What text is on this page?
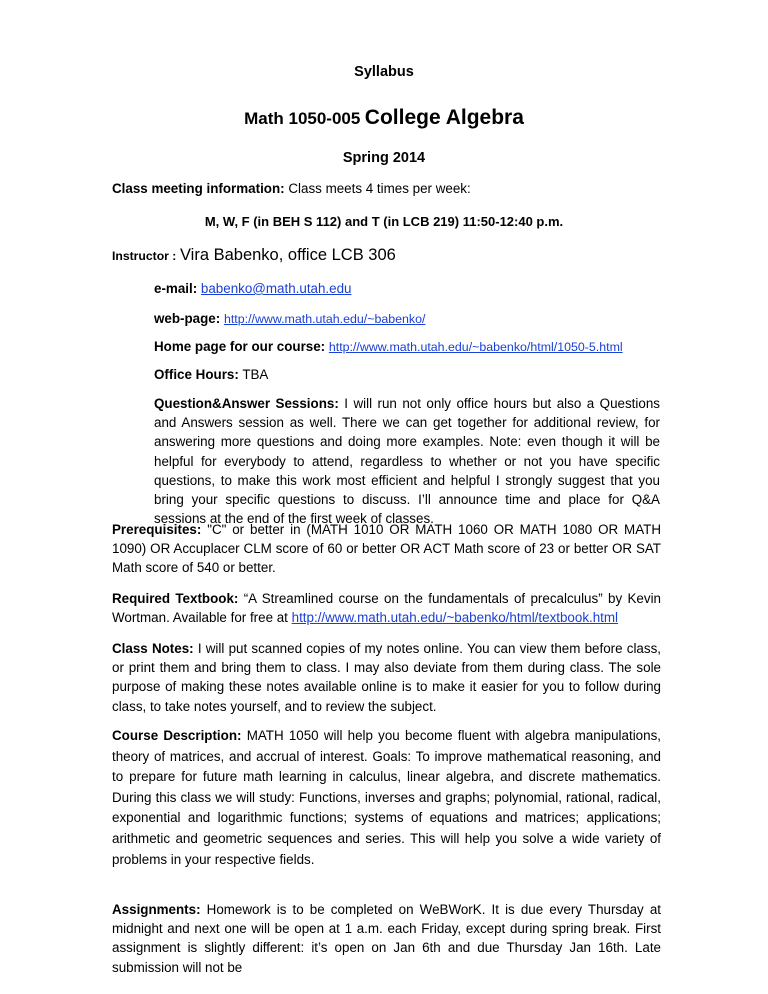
Syllabus
Math 1050-005 College Algebra
Spring 2014
Class meeting information: Class meets 4 times per week:
M, W, F (in BEH S 112) and T (in LCB 219) 11:50-12:40 p.m.
Instructor : Vira Babenko, office LCB 306
e-mail: babenko@math.utah.edu
web-page: http://www.math.utah.edu/~babenko/
Home page for our course: http://www.math.utah.edu/~babenko/html/1050-5.html
Office Hours: TBA
Question&Answer Sessions: I will run not only office hours but also a Questions and Answers session as well. There we can get together for additional review, for answering more questions and doing more examples. Note: even though it will be helpful for everybody to attend, regardless to whether or not you have specific questions, to make this work most efficient and helpful I strongly suggest that you bring your specific questions to discuss. I’ll announce time and place for Q&A sessions at the end of the first week of classes.
Prerequisites: "C" or better in (MATH 1010 OR MATH 1060 OR MATH 1080 OR MATH 1090) OR Accuplacer CLM score of 60 or better OR ACT Math score of 23 or better OR SAT Math score of 540 or better.
Required Textbook: “A Streamlined course on the fundamentals of precalculus” by Kevin Wortman. Available for free at http://www.math.utah.edu/~babenko/html/textbook.html
Class Notes: I will put scanned copies of my notes online. You can view them before class, or print them and bring them to class. I may also deviate from them during class. The sole purpose of making these notes available online is to make it easier for you to follow during class, to take notes yourself, and to review the subject.
Course Description: MATH 1050 will help you become fluent with algebra manipulations, theory of matrices, and accrual of interest. Goals: To improve mathematical reasoning, and to prepare for future math learning in calculus, linear algebra, and discrete mathematics. During this class we will study: Functions, inverses and graphs; polynomial, rational, radical, exponential and logarithmic functions; systems of equations and matrices; applications; arithmetic and geometric sequences and series. This will help you solve a wide variety of problems in your respective fields.
Assignments: Homework is to be completed on WeBWorK. It is due every Thursday at midnight and next one will be open at 1 a.m. each Friday, except during spring break. First assignment is slightly different: it’s open on Jan 6th and due Thursday Jan 16th. Late submission will not be
